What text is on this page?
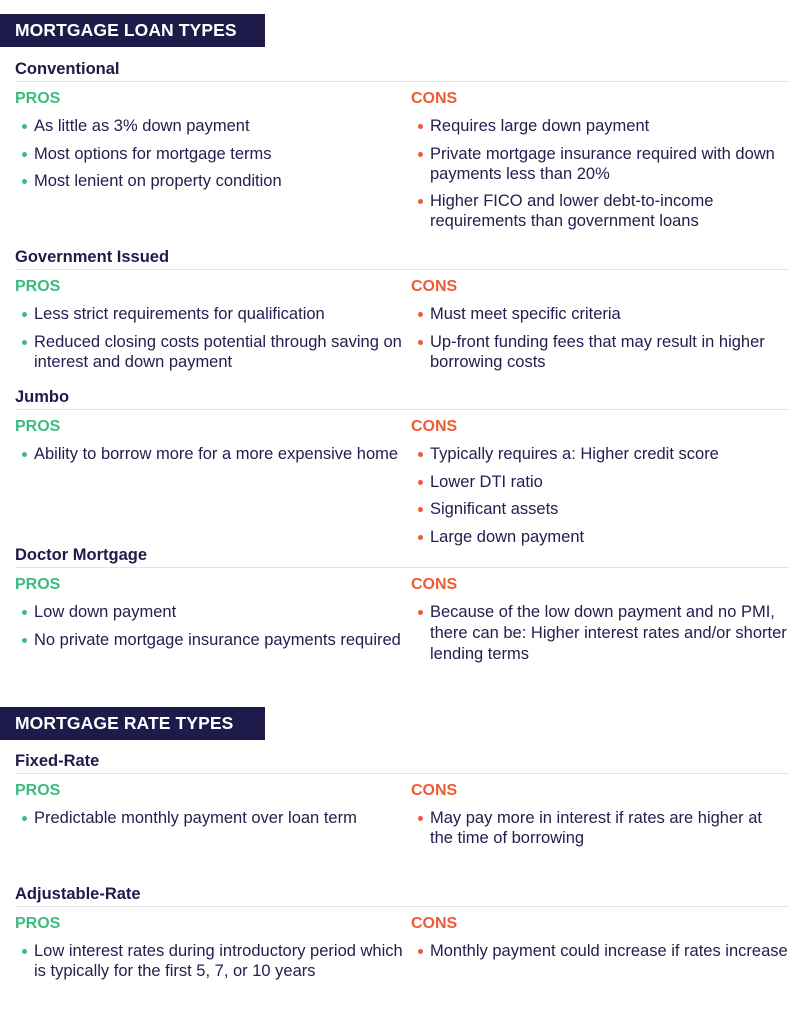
MORTGAGE LOAN TYPES
Conventional
PROS
As little as 3% down payment
Most options for mortgage terms
Most lenient on property condition
CONS
Requires large down payment
Private mortgage insurance required with down payments less than 20%
Higher FICO and lower debt-to-income requirements than government loans
Government Issued
PROS
Less strict requirements for qualification
Reduced closing costs potential through saving on interest and down payment
CONS
Must meet specific criteria
Up-front funding fees that may result in higher borrowing costs
Jumbo
PROS
Ability to borrow more for a more expensive home
CONS
Typically requires a: Higher credit score
Lower DTI ratio
Significant assets
Large down payment
Doctor Mortgage
PROS
Low down payment
No private mortgage insurance payments required
CONS
Because of the low down payment and no PMI, there can be: Higher interest rates and/or shorter lending terms
MORTGAGE RATE TYPES
Fixed-Rate
PROS
Predictable monthly payment over loan term
CONS
May pay more in interest if rates are higher at the time of borrowing
Adjustable-Rate
PROS
Low interest rates during introductory period which is typically for the first 5, 7, or 10 years
CONS
Monthly payment could increase if rates increase
